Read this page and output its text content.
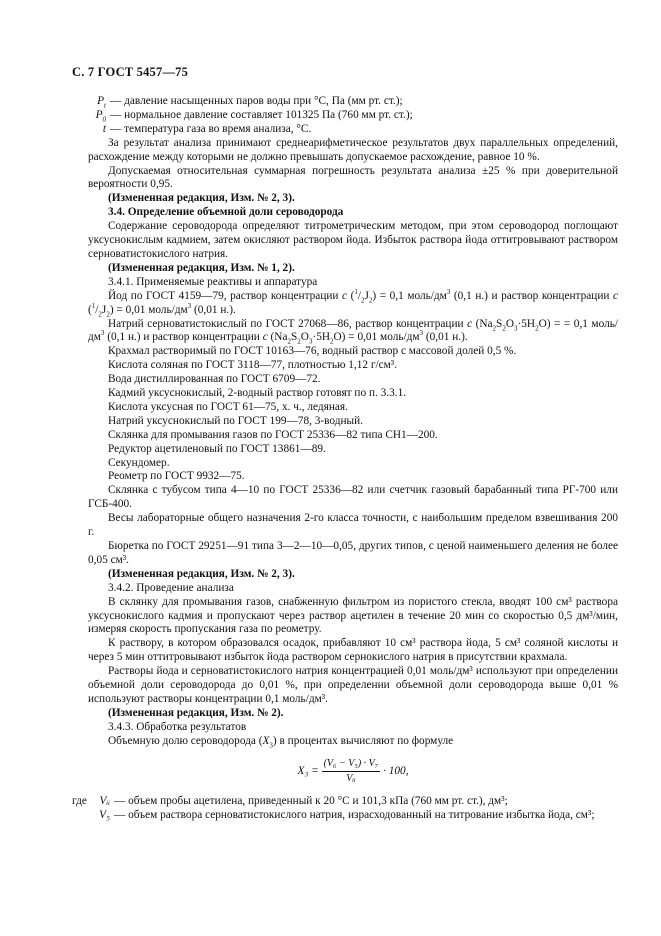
С. 7 ГОСТ 5457—75
$P_t$ — давление насыщенных паров воды при °С, Па (мм рт. ст.);
$P_0$ — нормальное давление составляет 101325 Па (760 мм рт. ст.);
t — температура газа во время анализа, °С.

За результат анализа принимают среднеарифметическое результатов двух параллельных определений, расхождение между которыми не должно превышать допускаемое расхождение, равное 10 %.

Допускаемая относительная суммарная погрешность результата анализа ±25 % при доверительной вероятности 0,95.

(Измененная редакция, Изм. № 2, 3).

3.4. Определение объемной доли сероводорода

Содержание сероводорода определяют титрометрическим методом, при этом сероводород поглощают уксуснокислым кадмием, затем окисляют раствором йода. Избыток раствора йода оттитровывают раствором серноватистокислого натрия.

(Измененная редакция, Изм. № 1, 2).

3.4.1. Применяемые реактивы и аппаратура

Йод по ГОСТ 4159—79, раствор концентрации c $(^1/_2J_2) = 0,1$ моль/$дм^3$ (0,1 н.) и раствор концентрации c $(^1/_2J_2) = 0,01$ моль/$дм^3$ (0,01 н.).

Натрий серноватистокислый по ГОСТ 27068—86, раствор концентрации c $(Na_2S_2O_3\cdot 5H_2O)$ = = 0,1 моль/$дм^3$ (0,1 н.) и раствор концентрации c $(Na_2S_2O_3\cdot 5H_2O) = 0,01$ моль/$дм^3$ (0,01 н.).

Крахмал растворимый по ГОСТ 10163—76, водный раствор с массовой долей 0,5 %.

Кислота соляная по ГОСТ 3118—77, плотностью 1,12 г/см³.

Вода дистиллированная по ГОСТ 6709—72.

Кадмий уксуснокислый, 2-водный раствор готовят по п. 3.3.1.

Кислота уксусная по ГОСТ 61—75, х. ч., ледяная.

Натрий уксуснокислый по ГОСТ 199—78, 3-водный.

Склянка для промывания газов по ГОСТ 25336—82 типа СН1—200.

Редуктор ацетиленовый по ГОСТ 13861—89.

Секундомер.

Реометр по ГОСТ 9932—75.

Склянка с тубусом типа 4—10 по ГОСТ 25336—82 или счетчик газовый барабанный типа РГ-700 или ГСБ-400.

Весы лабораторные общего назначения 2-го класса точности, с наибольшим пределом взвешивания 200 г.

Бюретка по ГОСТ 29251—91 типа 3—2—10—0,05, других типов, с ценой наименьшего деления не более 0,05 см³.

(Измененная редакция, Изм. № 2, 3).

3.4.2. Проведение анализа

В склянку для промывания газов, снабженную фильтром из пористого стекла, вводят 100 см³ раствора уксуснокислого кадмия и пропускают через раствор ацетилен в течение 20 мин со скоростью 0,5 дм³/мин, измеряя скорость пропускания газа по реометру.

К раствору, в котором образовался осадок, прибавляют 10 см³ раствора йода, 5 см³ соляной кислоты и через 5 мин оттитровывают избыток йода раствором сернокислого натрия в присутствии крахмала.

Растворы йода и серноватистокислого натрия концентрацией 0,01 моль/дм³ используют при определении объемной доли сероводорода до 0,01 %, при определении объемной доли сероводорода выше 0,01 % используют растворы концентрации 0,1 моль/дм³.

(Измененная редакция, Изм. № 2).

3.4.3. Обработка результатов

Объемную долю сероводорода $(X_3)$ в процентах вычисляют по формуле

$X_3 = \frac{\text{(V₆ − V₅) · V₇}}{\text{Vᵢᵢ}} \cdot 100$,
где	Vᵢᵢ — объем пробы ацетилена, приведенный к 20 °С и 101,3 кПа (760 мм рт. ст.), дм³;
V₅ — объем раствора серноватистокислого натрия, израсходованный на титрование избытка йода, см³;
